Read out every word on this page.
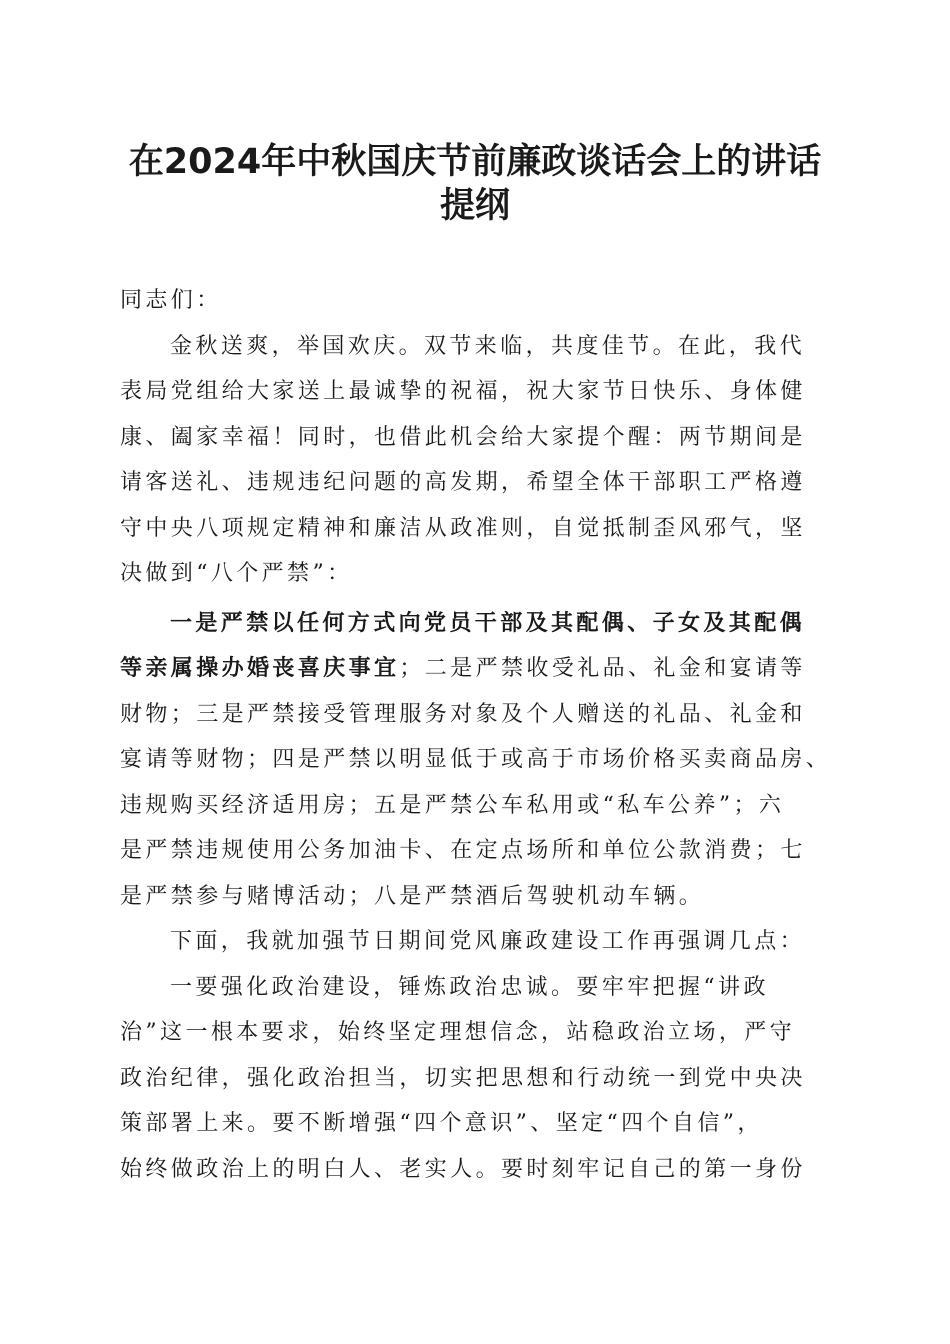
在2024年中秋国庆节前廉政谈话会上的讲话
提纲
同志们：
金秋送爽，举国欢庆。双节来临，共度佳节。在此，我代
表局党组给大家送上最诚挚的祝福，祝大家节日快乐、身体健
康、阖家幸福！同时，也借此机会给大家提个醒：两节期间是
请客送礼、违规违纪问题的高发期，希望全体干部职工严格遵
守中央八项规定精神和廉洁从政准则，自觉抵制歪风邪气，坚
决做到“八个严禁”：
一是严禁以任何方式向党员干部及其配偶、子女及其配偶
等亲属操办婚丧喜庆事宜；二是严禁收受礼品、礼金和宴请等
财物；三是严禁接受管理服务对象及个人赠送的礼品、礼金和
宴请等财物；四是严禁以明显低于或高于市场价格买卖商品房、
违规购买经济适用房；五是严禁公车私用或“私车公养”；六
是严禁违规使用公务加油卡、在定点场所和单位公款消费；七
是严禁参与赌博活动；八是严禁酒后驾驶机动车辆。
下面，我就加强节日期间党风廉政建设工作再强调几点：
一要强化政治建设，锤炼政治忠诚。要牢牢把握“讲政
治”这一根本要求，始终坚定理想信念，站稳政治立场，严守
政治纪律，强化政治担当，切实把思想和行动统一到党中央决
策部署上来。要不断增强“四个意识”、坚定“四个自信”，
始终做政治上的明白人、老实人。要时刻牢记自己的第一身份
